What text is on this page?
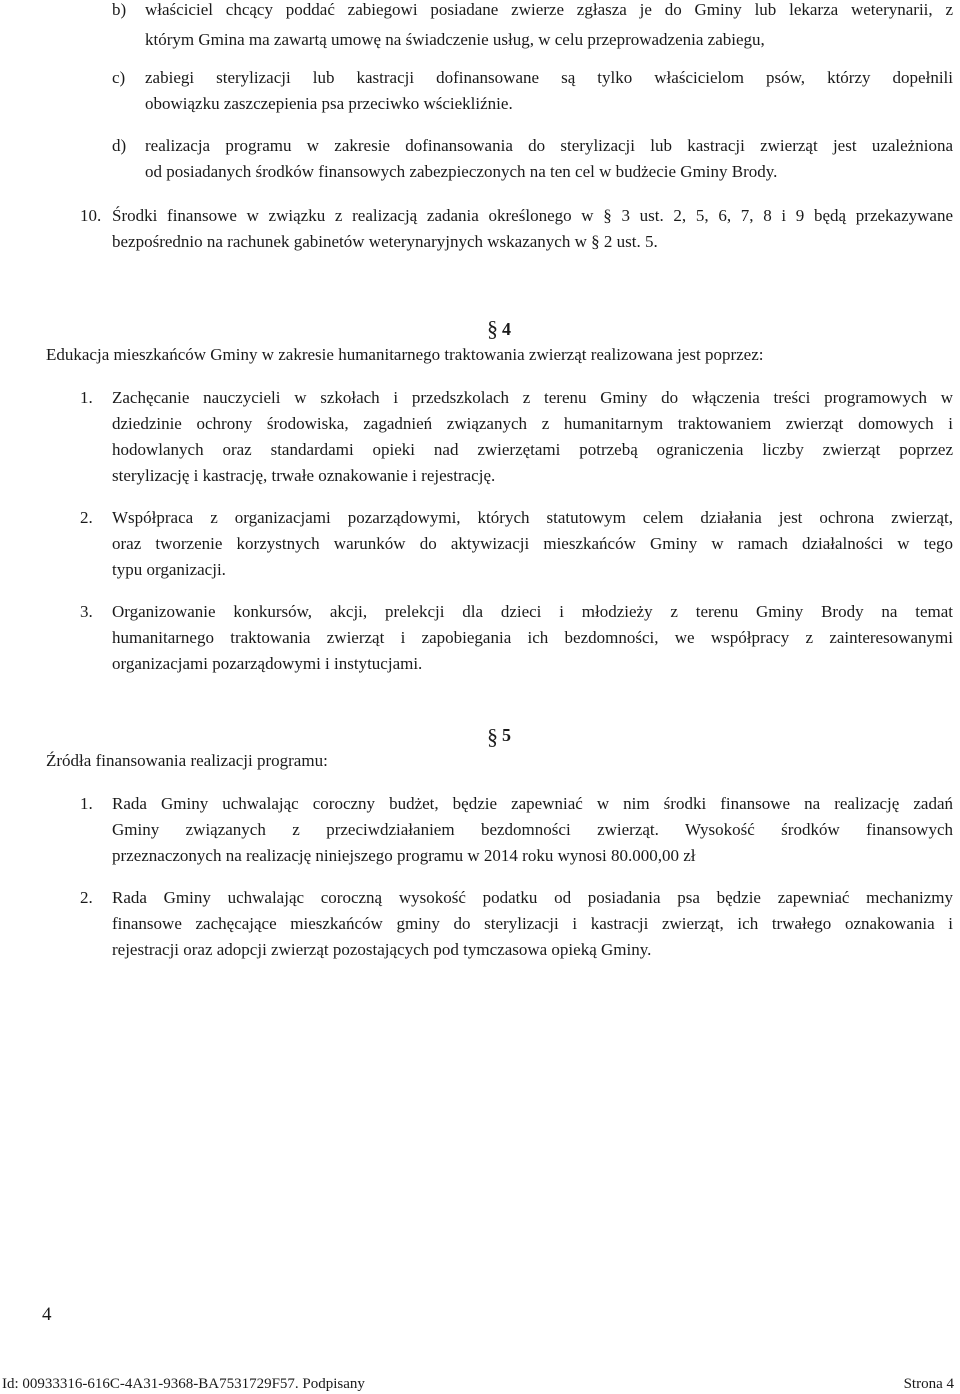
b) właściciel chcący poddać zabiegowi posiadane zwierze zgłasza je do Gminy lub lekarza weterynarii, z
którym Gmina ma zawartą umowę na świadczenie usług, w celu przeprowadzenia zabiegu,
c) zabiegi sterylizacji lub kastracji dofinansowane są tylko właścicielom psów, którzy dopełnili
obowiązku zaszczepienia psa przeciwko wściekliźnie.
d) realizacja programu w zakresie dofinansowania do sterylizacji lub kastracji zwierząt jest uzależniona
od posiadanych środków finansowych zabezpieczonych na ten cel w budżecie Gminy Brody.
10. Środki finansowe w związku z realizacją zadania określonego w § 3 ust. 2, 5, 6, 7, 8 i 9 będą przekazywane
bezpośrednio na rachunek gabinetów weterynaryjnych wskazanych w § 2 ust. 5.
§ 4
Edukacja mieszkańców Gminy w zakresie humanitarnego traktowania zwierząt realizowana jest poprzez:
1. Zachęcanie nauczycieli w szkołach i przedszkolach z terenu Gminy do włączenia treści programowych w
dziedzinie ochrony środowiska, zagadnień związanych z humanitarnym traktowaniem zwierząt domowych i
hodowlanych oraz standardami opieki nad zwierzętami potrzebą ograniczenia liczby zwierząt poprzez
sterylizację i kastrację, trwałe oznakowanie i rejestrację.
2. Współpraca z organizacjami pozarządowymi, których statutowym celem działania jest ochrona zwierząt,
oraz tworzenie korzystnych warunków do aktywizacji mieszkańców Gminy w ramach działalności w tego
typu organizacji.
3. Organizowanie konkursów, akcji, prelekcji dla dzieci i młodzieży z terenu Gminy Brody na temat
humanitarnego traktowania zwierząt i zapobiegania ich bezdomności, we współpracy z zainteresowanymi
organizacjami pozarządowymi i instytucjami.
§ 5
Źródła finansowania realizacji programu:
1. Rada Gminy uchwalając coroczny budżet, będzie zapewniać w nim środki finansowe na realizację zadań
Gminy związanych z przeciwdziałaniem bezdomności zwierząt. Wysokość środków finansowych
przeznaczonych na realizację niniejszego programu w 2014 roku wynosi 80.000,00 zł
2. Rada Gminy uchwalając coroczną wysokość podatku od posiadania psa będzie zapewniać mechanizmy
finansowe zachęcające mieszkańców gminy do sterylizacji i kastracji zwierząt, ich trwałego oznakowania i
rejestracji oraz adopcji zwierząt pozostających pod tymczasowa opieką Gminy.
4
Id: 00933316-616C-4A31-9368-BA7531729F57. Podpisany	Strona 4
